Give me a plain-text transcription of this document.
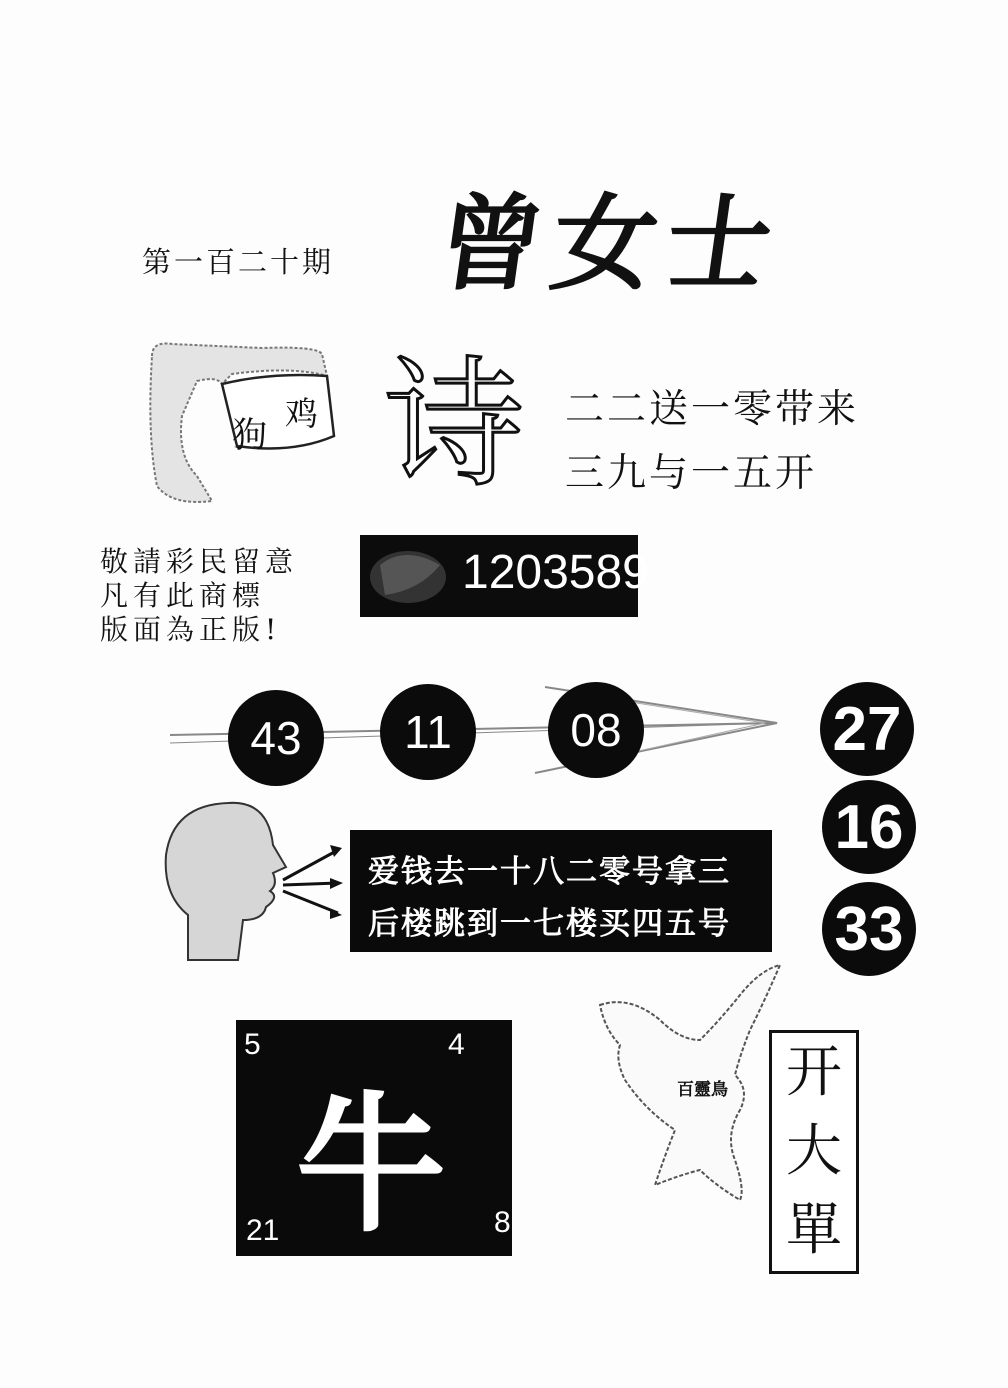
第一百二十期 曾女士
狗
鸡 诗 二二送一零带来
三九与一五开
敬請彩民留意
凡有此商標
版面為正版!
1203589
43	11	08	27
16
33
爱钱去一十八二零号拿三
后楼跳到一七楼买四五号
5	4
21	8
牛	百靈鳥 开
大
單
